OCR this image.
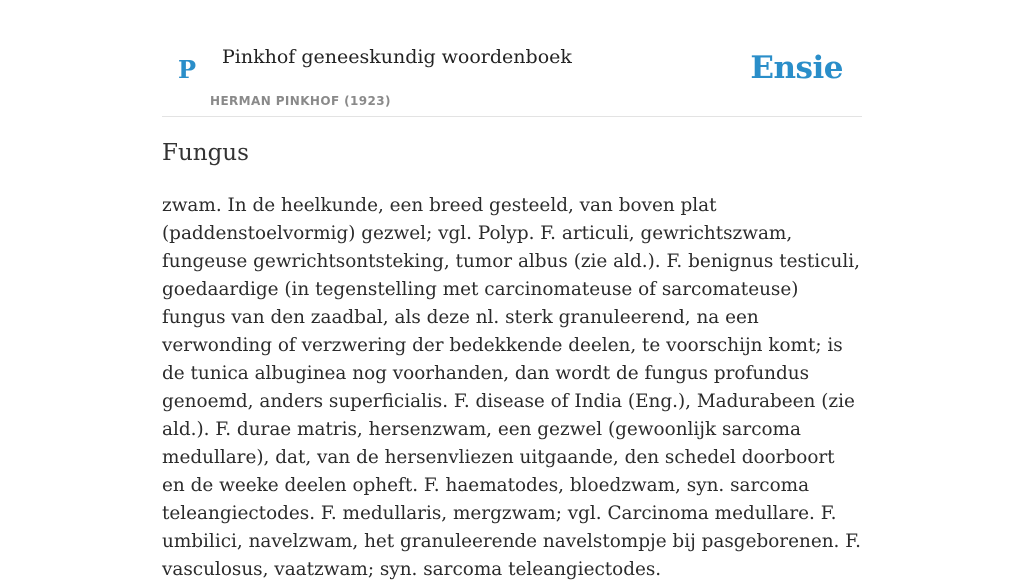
P Pinkhof geneeskundig woordenboek
HERMAN PINKHOF (1923)
Ensie
Fungus

zwam. In de heelkunde, een breed gesteeld, van boven plat (paddenstoelvormig) gezwel; vgl. Polyp. F. articuli, gewrichtszwam, fungeuse gewrichtsontsteking, tumor albus (zie ald.). F. benignus testiculi, goedaardige (in tegenstelling met carcinomateuse of sarcomateuse) fungus van den zaadbal, als deze nl. sterk granuleerend, na een verwonding of verzwering der bedekkende deelen, te voorschijn komt; is de tunica albuginea nog voorhanden, dan wordt de fungus profundus genoemd, anders superficialis. F. disease of India (Eng.), Madurabeen (zie ald.). F. durae matris, hersenzwam, een gezwel (gewoonlijk sarcoma medullare), dat, van de hersenvliezen uitgaande, den schedel doorboort en de weeke deelen opheft. F. haematodes, bloedzwam, syn. sarcoma teleangiectodes. F. medullaris, mergzwam; vgl. Carcinoma medullare. F. umbilici, navelzwam, het granuleerende navelstompje bij pasgeborenen. F. vasculosus, vaatzwam; syn. sarcoma teleangiectodes.
